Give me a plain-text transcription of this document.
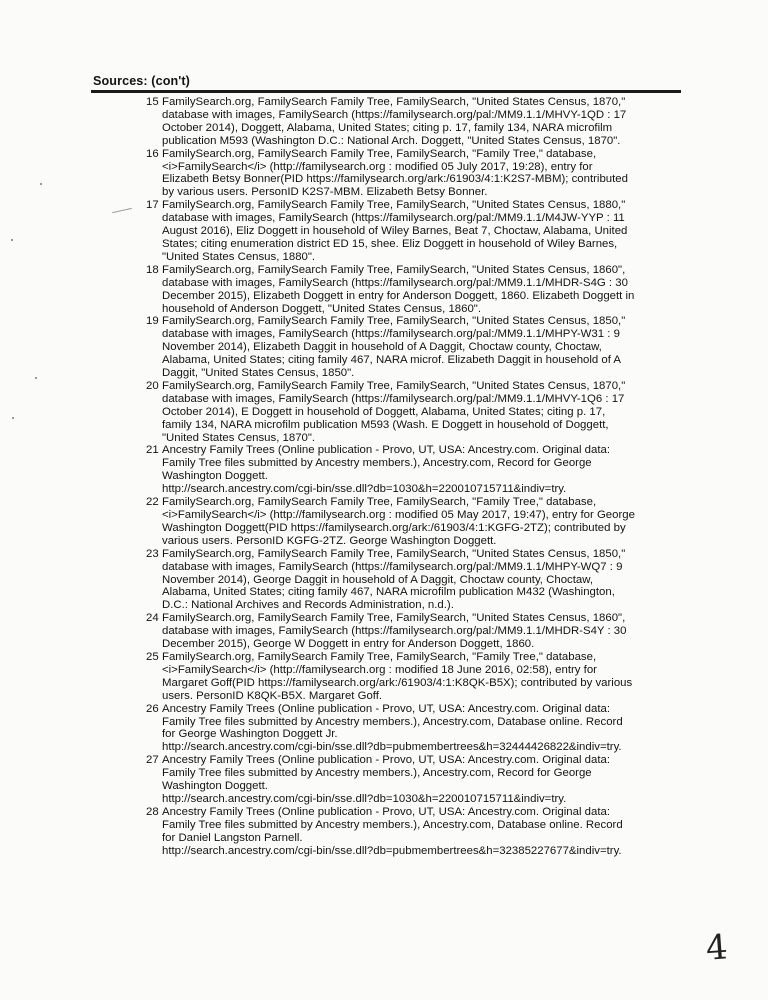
Sources: (con't)
15 FamilySearch.org, FamilySearch Family Tree, FamilySearch, "United States Census, 1870,"
database with images, FamilySearch (https://familysearch.org/pal:/MM9.1.1/MHVY-1QD : 17
October 2014), Doggett, Alabama, United States; citing p. 17, family 134, NARA microfilm
publication M593 (Washington D.C.: National Arch. Doggett, "United States Census, 1870".
16 FamilySearch.org, FamilySearch Family Tree, FamilySearch, "Family Tree," database,
<i>FamilySearch</i> (http://familysearch.org : modified 05 July 2017, 19:28), entry for
Elizabeth Betsy Bonner(PID https://familysearch.org/ark:/61903/4:1:K2S7-MBM); contributed
by various users. PersonID K2S7-MBM. Elizabeth Betsy Bonner.
17 FamilySearch.org, FamilySearch Family Tree, FamilySearch, "United States Census, 1880,"
database with images, FamilySearch (https://familysearch.org/pal:/MM9.1.1/M4JW-YYP : 11
August 2016), Eliz Doggett in household of Wiley Barnes, Beat 7, Choctaw, Alabama, United
States; citing enumeration district ED 15, shee. Eliz Doggett in household of Wiley Barnes,
"United States Census, 1880".
18 FamilySearch.org, FamilySearch Family Tree, FamilySearch, "United States Census, 1860",
database with images, FamilySearch (https://familysearch.org/pal:/MM9.1.1/MHDR-S4G : 30
December 2015), Elizabeth Doggett in entry for Anderson Doggett, 1860. Elizabeth Doggett in
household of Anderson Doggett, "United States Census, 1860".
19 FamilySearch.org, FamilySearch Family Tree, FamilySearch, "United States Census, 1850,"
database with images, FamilySearch (https://familysearch.org/pal:/MM9.1.1/MHPY-W31 : 9
November 2014), Elizabeth Daggit in household of A Daggit, Choctaw county, Choctaw,
Alabama, United States; citing family 467, NARA microf. Elizabeth Daggit in household of A
Daggit, "United States Census, 1850".
20 FamilySearch.org, FamilySearch Family Tree, FamilySearch, "United States Census, 1870,"
database with images, FamilySearch (https://familysearch.org/pal:/MM9.1.1/MHVY-1Q6 : 17
October 2014), E Doggett in household of Doggett, Alabama, United States; citing p. 17,
family 134, NARA microfilm publication M593 (Wash. E Doggett in household of Doggett,
"United States Census, 1870".
21 Ancestry Family Trees (Online publication - Provo, UT, USA: Ancestry.com. Original data:
Family Tree files submitted by Ancestry members.), Ancestry.com, Record for George
Washington Doggett.
http://search.ancestry.com/cgi-bin/sse.dll?db=1030&h=220010715711&indiv=try.
22 FamilySearch.org, FamilySearch Family Tree, FamilySearch, "Family Tree," database,
<i>FamilySearch</i> (http://familysearch.org : modified 05 May 2017, 19:47), entry for George
Washington Doggett(PID https://familysearch.org/ark:/61903/4:1:KGFG-2TZ); contributed by
various users. PersonID KGFG-2TZ. George Washington Doggett.
23 FamilySearch.org, FamilySearch Family Tree, FamilySearch, "United States Census, 1850,"
database with images, FamilySearch (https://familysearch.org/pal:/MM9.1.1/MHPY-WQ7 : 9
November 2014), George Daggit in household of A Daggit, Choctaw county, Choctaw,
Alabama, United States; citing family 467, NARA microfilm publication M432 (Washington,
D.C.: National Archives and Records Administration, n.d.).
24 FamilySearch.org, FamilySearch Family Tree, FamilySearch, "United States Census, 1860",
database with images, FamilySearch (https://familysearch.org/pal:/MM9.1.1/MHDR-S4Y : 30
December 2015), George W Doggett in entry for Anderson Doggett, 1860.
25 FamilySearch.org, FamilySearch Family Tree, FamilySearch, "Family Tree," database,
<i>FamilySearch</i> (http://familysearch.org : modified 18 June 2016, 02:58), entry for
Margaret Goff(PID https://familysearch.org/ark:/61903/4:1:K8QK-B5X); contributed by various
users. PersonID K8QK-B5X. Margaret Goff.
26 Ancestry Family Trees (Online publication - Provo, UT, USA: Ancestry.com. Original data:
Family Tree files submitted by Ancestry members.), Ancestry.com, Database online. Record
for George Washington Doggett Jr.
http://search.ancestry.com/cgi-bin/sse.dll?db=pubmembertrees&h=32444426822&indiv=try.
27 Ancestry Family Trees (Online publication - Provo, UT, USA: Ancestry.com. Original data:
Family Tree files submitted by Ancestry members.), Ancestry.com, Record for George
Washington Doggett.
http://search.ancestry.com/cgi-bin/sse.dll?db=1030&h=220010715711&indiv=try.
28 Ancestry Family Trees (Online publication - Provo, UT, USA: Ancestry.com. Original data:
Family Tree files submitted by Ancestry members.), Ancestry.com, Database online. Record
for Daniel Langston Parnell.
http://search.ancestry.com/cgi-bin/sse.dll?db=pubmembertrees&h=32385227677&indiv=try.
4
